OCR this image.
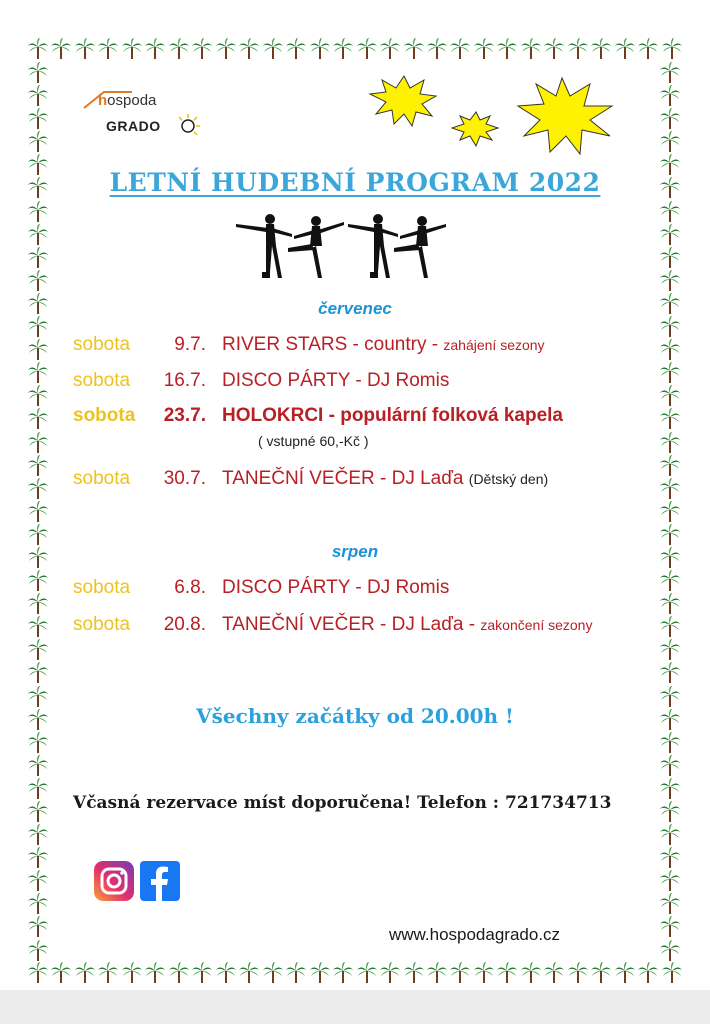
hospoda
GRADO
LETNÍ HUDEBNÍ PROGRAM 2022
červenec
sobota	9.7. RIVER STARS - country - zahájení sezony
sobota	16.7. DISCO PÁRTY - DJ Romis
sobota	23.7. HOLOKRCI - populární folková kapela
( vstupné 60,-Kč )
sobota	30.7. TANEČNÍ VEČER - DJ Laďa (Dětský den)
srpen
sobota	6.8. DISCO PÁRTY - DJ Romis
sobota	20.8. TANEČNÍ VEČER - DJ Laďa - zakončení sezony
Všechny začátky od 20.00h !
Včasná rezervace míst doporučena! Telefon : 721734713
www.hospodagrado.cz
